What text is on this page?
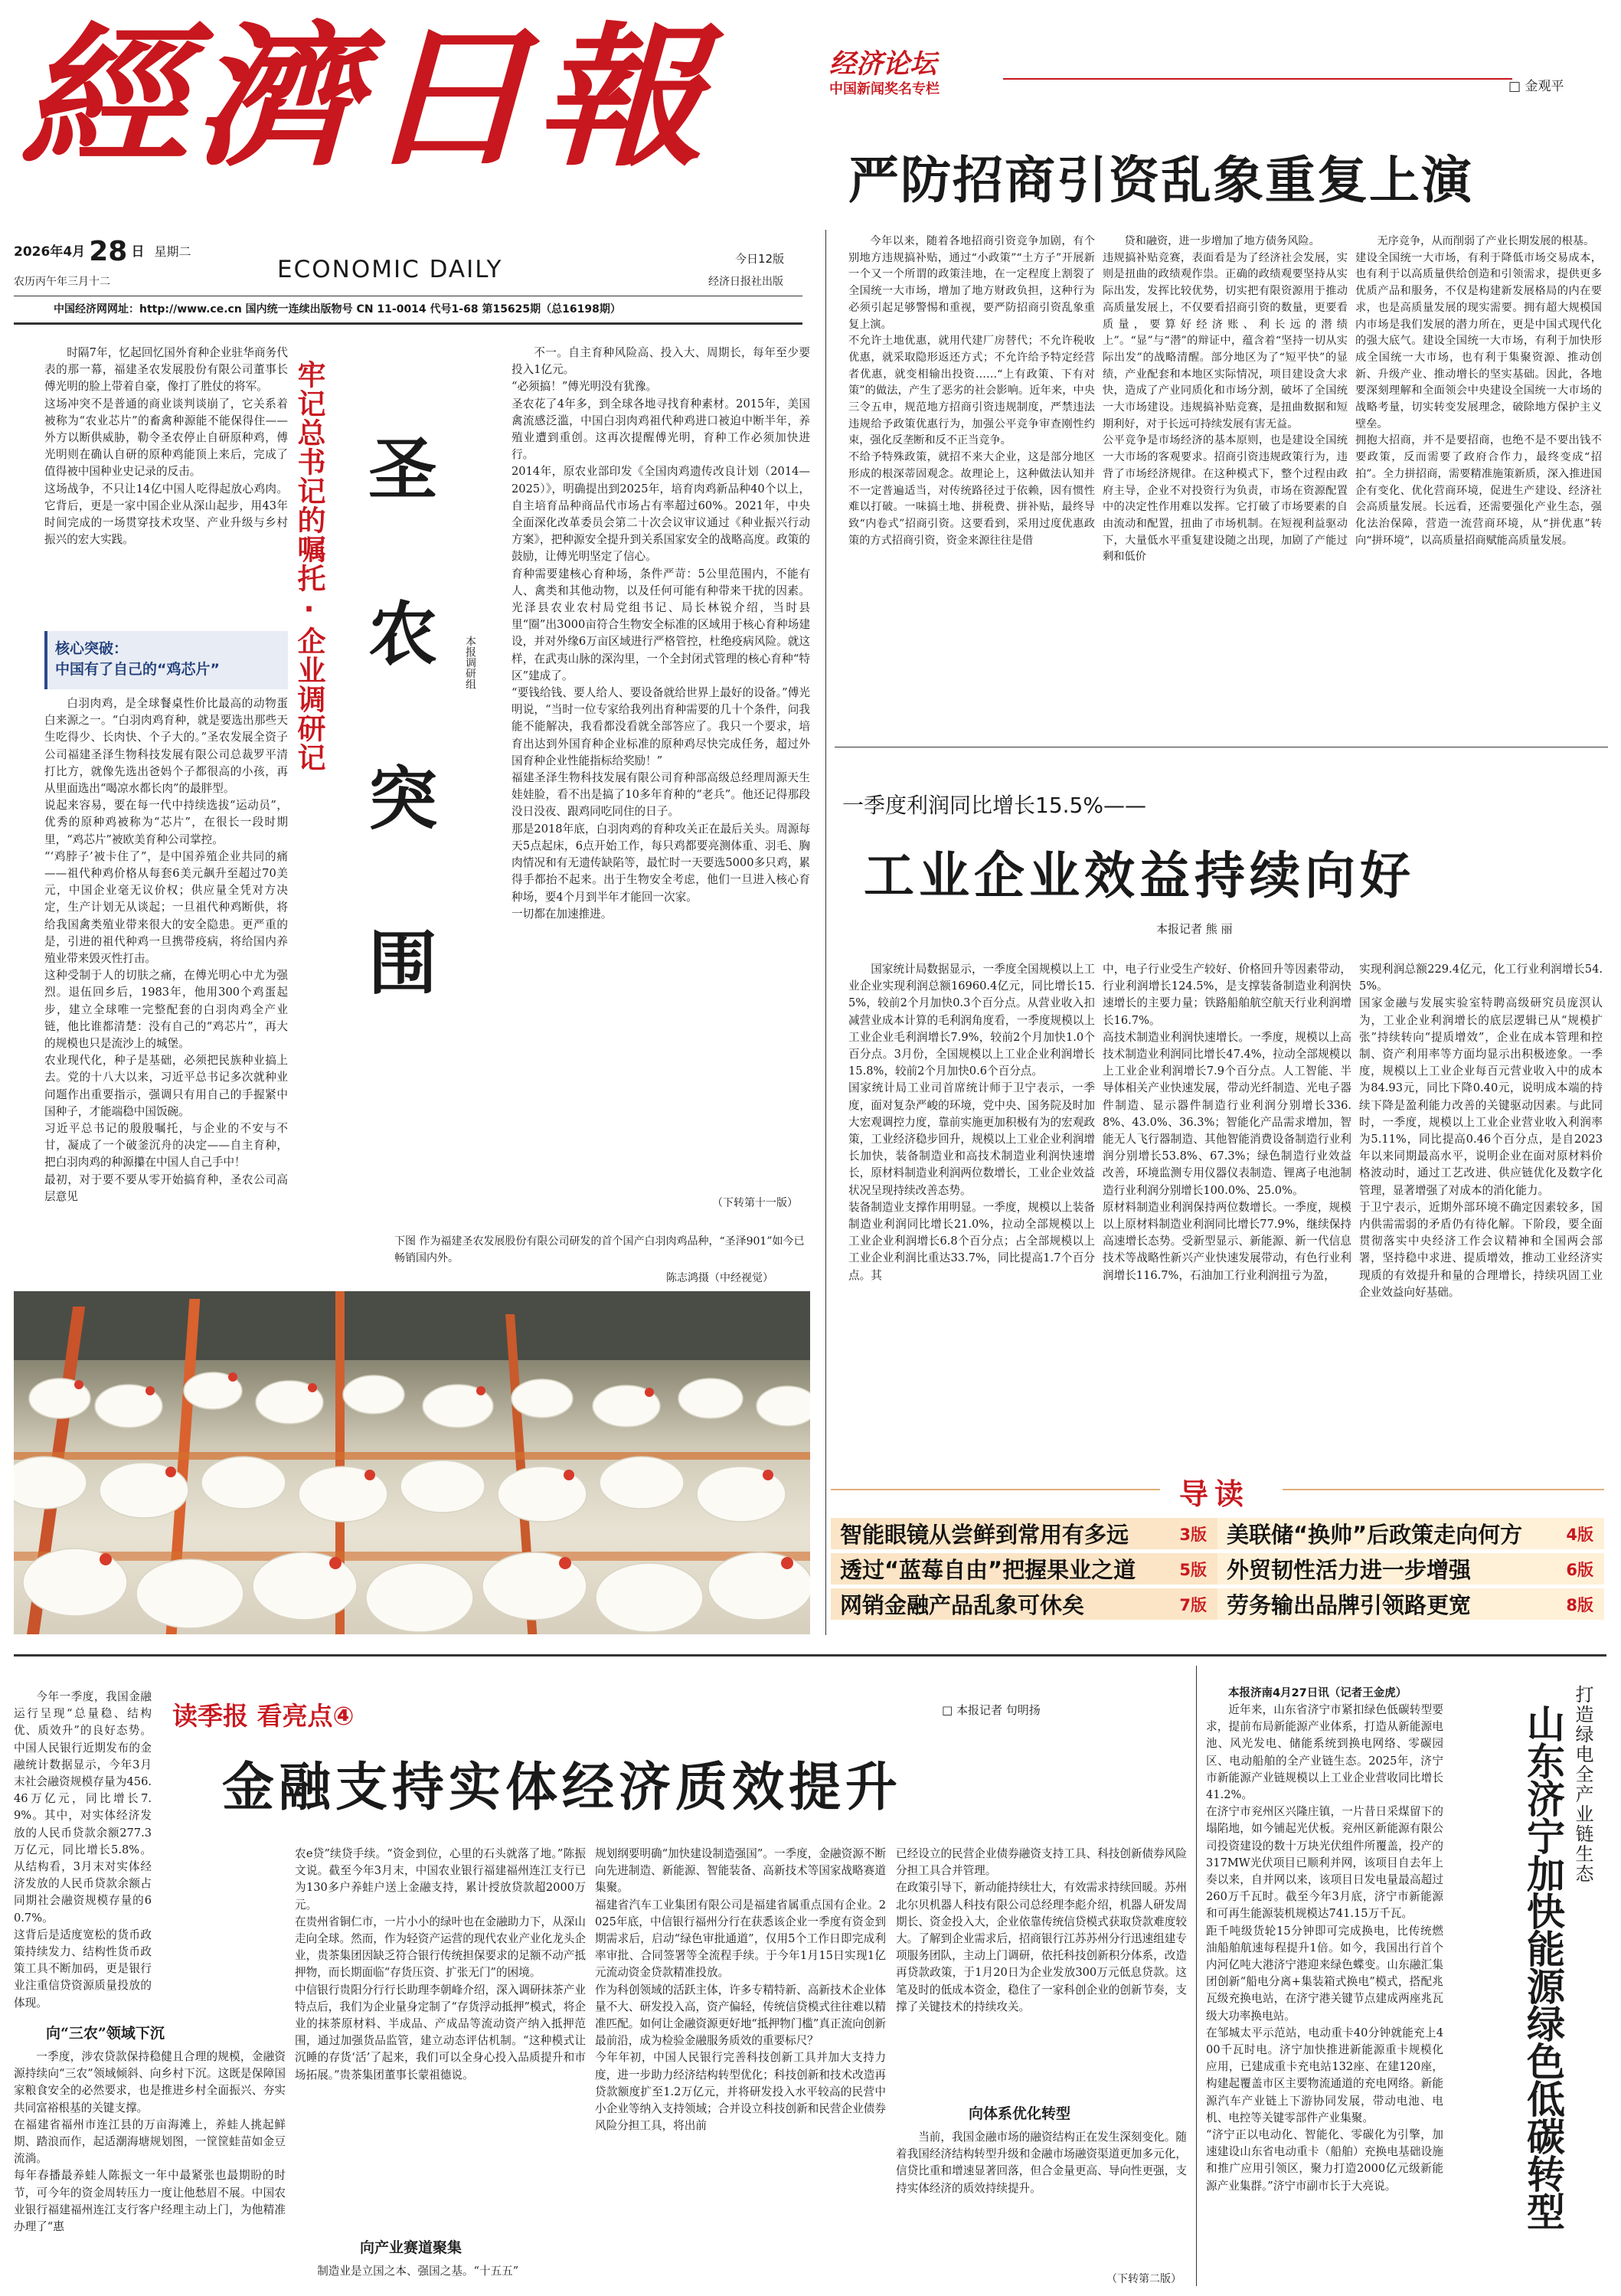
經濟日報
2026年4月 28 日 星期二
农历丙午年三月十二	ECONOMIC DAILY	今日12版
经济日报社出版
中国经济网网址：http://www.ce.cn 国内统一连续出版物号 CN 11-0014 代号1-68 第15625期（总16198期）
经济论坛
中国新闻奖名专栏	□ 金观平
严防招商引资乱象重复上演

今年以来，随着各地招商引资竞争加剧，有个别地方违规搞补贴，通过“小政策”“土方子”开展新一个又一个所谓的政策洼地，在一定程度上割裂了全国统一大市场，增加了地方财政负担，这种行为必须引起足够警惕和重视，要严防招商引资乱象重复上演。
不允许土地优惠，就用代建厂房替代；不允许税收优惠，就采取隐形返还方式；不允许给予特定经营者优惠，就变相输出投资……“上有政策、下有对策”的做法，产生了恶劣的社会影响。近年来，中央三令五申，规范地方招商引资违规制度，严禁违法违规给予政策优惠行为，加强公平竞争审查刚性约束，强化反垄断和反不正当竞争。
不给予特殊政策，就招不来大企业，这是部分地区形成的根深蒂固观念。故理论上，这种做法认知并不一定普遍适当，对传统路径过于依赖，因有惯性难以打破。一味搞土地、拼税费、拼补贴，最终导致“内卷式”招商引资。这要看到，采用过度优惠政策的方式招商引资，资金来源往往是借

贷和融资，进一步增加了地方债务风险。
违规搞补贴竞赛，表面看是为了经济社会发展，实则是扭曲的政绩观作祟。正确的政绩观要坚持从实际出发，发挥比较优势，切实把有限资源用于推动高质量发展上，不仅要看招商引资的数量，更要看质量，要算好经济账、利长远的潜绩上”。“显”与“潜”的辩证中，蕴含着“坚持一切从实际出发”的战略清醒。部分地区为了“短平快”的显绩，产业配套和本地区实际情况，项目建设贪大求快，造成了产业同质化和市场分割，破坏了全国统一大市场建设。违规搞补贴竞赛，是扭曲数据和短期利好，对于长远可持续发展有害无益。
公平竞争是市场经济的基本原则，也是建设全国统一大市场的客观要求。招商引资违规政策行为，违背了市场经济规律。在这种模式下，整个过程由政府主导，企业不对投资行为负责，市场在资源配置中的决定性作用难以发挥。它打破了市场要素的自由流动和配置，扭曲了市场机制。在短视利益驱动下，大量低水平重复建设随之出现，加剧了产能过剩和低价

无序竞争，从而削弱了产业长期发展的根基。
建设全国统一大市场，有利于降低市场交易成本，也有利于以高质量供给创造和引领需求，提供更多优质产品和服务，不仅是构建新发展格局的内在要求，也是高质量发展的现实需要。拥有超大规模国内市场是我们发展的潜力所在，更是中国式现代化的强大底气。建设全国统一大市场，有利于加快形成全国统一大市场，也有利于集聚资源、推动创新、升级产业、推动增长的坚实基础。因此，各地要深刻理解和全面领会中央建设全国统一大市场的战略考量，切实转变发展理念，破除地方保护主义壁垒。
拥抱大招商，并不是要招商，也绝不是不要出钱不要政策，反而需要了政府合作力，最终变成“招拍”。全力拼招商，需要精准施策新质，深入推进国企有变化、优化营商环境，促进生产建设、经济社会高质量发展。长远看，还需要强化产业生态，强化法治保障，营造一流营商环境，从“拼优惠”转向“拼环境”，以高质量招商赋能高质量发展。

时隔7年，忆起回忆国外育种企业驻华商务代表的那一幕，福建圣农发展股份有限公司董事长傅光明的脸上带着自豪，像打了胜仗的将军。
这场冲突不是普通的商业谈判谈崩了，它关系着被称为“农业芯片”的畜禽种源能不能保得住——外方以断供威胁，勒令圣农停止自研原种鸡，傅光明则在确认自研的原种鸡能顶上来后，完成了值得被中国种业史记录的反击。
这场战争，不只让14亿中国人吃得起放心鸡肉。它背后，更是一家中国企业从深山起步，用43年时间完成的一场贯穿技术攻坚、产业升级与乡村振兴的宏大实践。

核心突破：
中国有了自己的“鸡芯片”

白羽肉鸡，是全球餐桌性价比最高的动物蛋白来源之一。“白羽肉鸡育种，就是要选出那些天生吃得少、长肉快、个子大的。”圣农发展全资子公司福建圣泽生物科技发展有限公司总裁罗平清打比方，就像先选出爸妈个子都很高的小孩，再从里面选出“喝凉水都长肉”的最胖型。
说起来容易，要在每一代中持续选拔“运动员”，优秀的原种鸡被称为“芯片”，在很长一段时期里，“鸡芯片”被欧美育种公司掌控。
“‘鸡脖子’被卡住了”，是中国养殖企业共同的痛——祖代种鸡价格从每套6美元飙升至超过70美元，中国企业毫无议价权；供应量全凭对方决定，生产计划无从谈起；一旦祖代种鸡断供，将给我国禽类殖业带来很大的安全隐患。更严重的是，引进的祖代种鸡一旦携带疫病，将给国内养殖业带来毁灭性打击。
这种受制于人的切肤之痛，在傅光明心中尤为强烈。退伍回乡后，1983年，他用300个鸡蛋起步，建立全球唯一完整配套的白羽肉鸡全产业链，他比谁都清楚：没有自己的“鸡芯片”，再大的规模也只是流沙上的城堡。
农业现代化，种子是基础，必须把民族种业搞上去。党的十八大以来，习近平总书记多次就种业问题作出重要指示，强调只有用自己的手握紧中国种子，才能端稳中国饭碗。
习近平总书记的殷殷嘱托，与企业的不安与不甘，凝成了一个破釜沉舟的决定——自主育种，把白羽肉鸡的种源攥在中国人自己手中！
最初，对于要不要从零开始搞育种，圣农公司高层意见

牢记总书记的嘱托·企业调研记 圣 农 突 围	本报调研组

不一。自主育种风险高、投入大、周期长，每年至少要投入1亿元。
“必须搞！”傅光明没有犹豫。
圣农花了4年多，到全球各地寻找育种素材。2015年，美国禽流感泛滥，中国白羽肉鸡祖代种鸡进口被迫中断半年，养殖业遭到重创。这再次提醒傅光明，育种工作必须加快进行。
2014年，原农业部印发《全国肉鸡遗传改良计划（2014—2025）》，明确提出到2025年，培育肉鸡新品种40个以上，自主培育品种商品代市场占有率超过60%。2021年，中央全面深化改革委员会第二十次会议审议通过《种业振兴行动方案》，把种源安全提升到关系国家安全的战略高度。政策的鼓励，让傅光明坚定了信心。
育种需要建核心育种场，条件严苛：5公里范围内，不能有人、禽类和其他动物，以及任何可能有种带来干扰的因素。光泽县农业农村局党组书记、局长林锐介绍，当时县里“圈”出3000亩符合生物安全标准的区域用于核心育种场建设，并对外缘6万亩区域进行严格管控，杜绝疫病风险。就这样，在武夷山脉的深沟里，一个全封闭式管理的核心育种“特区”建成了。
“要钱给钱、要人给人、要设备就给世界上最好的设备。”傅光明说，“当时一位专家给我列出育种需要的几十个条件，问我能不能解决，我看都没看就全部答应了。我只一个要求，培育出达到外国育种企业标准的原种鸡尽快完成任务，超过外国育种企业性能指标给奖励！”
福建圣泽生物科技发展有限公司育种部高级总经理周源天生娃娃脸，看不出是搞了10多年育种的“老兵”。他还记得那段没日没夜、跟鸡同吃同住的日子。
那是2018年底，白羽肉鸡的育种攻关正在最后关头。周源每天5点起床，6点开始工作，每只鸡都要亮测体重、羽毛、胸肉情况和有无遗传缺陷等，最忙时一天要选5000多只鸡，累得手都抬不起来。出于生物安全考虑，他们一旦进入核心育种场，要4个月到半年才能回一次家。
一切都在加速推进。

（下转第十一版）
下图 作为福建圣农发展股份有限公司研发的首个国产白羽肉鸡品种，“圣泽901”如今已畅销国内外。
陈志鸿摄（中经视觉）
一季度利润同比增长15.5%——
工业企业效益持续向好
本报记者 熊 丽

国家统计局数据显示，一季度全国规模以上工业企业实现利润总额16960.4亿元，同比增长15.5%，较前2个月加快0.3个百分点。从营业收入扣减营业成本计算的毛利润角度看，一季度规模以上工业企业毛利润增长7.9%，较前2个月加快1.0个百分点。3月份，全国规模以上工业企业利润增长15.8%，较前2个月加快0.6个百分点。
国家统计局工业司首席统计师于卫宁表示，一季度，面对复杂严峻的环境，党中央、国务院及时加大宏观调控力度，靠前实施更加积极有为的宏观政策，工业经济稳步回升，规模以上工业企业利润增长加快，装备制造业和高技术制造业利润快速增长，原材料制造业利润两位数增长，工业企业效益状况呈现持续改善态势。
装备制造业支撑作用明显。一季度，规模以上装备制造业利润同比增长21.0%，拉动全部规模以上工业企业利润增长6.8个百分点；占全部规模以上工业企业利润比重达33.7%，同比提高1.7个百分点。其

中，电子行业受生产较好、价格回升等因素带动，行业利润增长124.5%，是支撑装备制造业利润快速增长的主要力量；铁路船舶航空航天行业利润增长16.7%。
高技术制造业利润快速增长。一季度，规模以上高技术制造业利润同比增长47.4%，拉动全部规模以上工业企业利润增长7.9个百分点。人工智能、半导体相关产业快速发展，带动光纤制造、光电子器件制造、显示器件制造行业利润分别增长336.8%、43.0%、36.3%；智能化产品需求增加，智能无人飞行器制造、其他智能消费设备制造行业利润分别增长53.8%、67.3%；绿色制造行业效益改善，环境监测专用仪器仪表制造、锂离子电池制造行业利润分别增长100.0%、25.0%。
原材料制造业利润保持两位数增长。一季度，规模以上原材料制造业利润同比增长77.9%，继续保持高速增长态势。受新型显示、新能源、新一代信息技术等战略性新兴产业快速发展带动，有色行业利润增长116.7%，石油加工行业利润扭亏为盈，

实现利润总额229.4亿元，化工行业利润增长54.5%。
国家金融与发展实验室特聘高级研究员庞溟认为，工业企业利润增长的底层逻辑已从“规模扩张”持续转向“提质增效”，企业在成本管理和控制、资产利用率等方面均显示出积极迹象。一季度，规模以上工业企业每百元营业收入中的成本为84.93元，同比下降0.40元，说明成本端的持续下降是盈利能力改善的关键驱动因素。与此同时，一季度，规模以上工业企业营业收入利润率为5.11%，同比提高0.46个百分点，是自2023年以来同期最高水平，说明企业在面对原材料价格波动时，通过工艺改进、供应链优化及数字化管理，显著增强了对成本的消化能力。
于卫宁表示，近期外部环境不确定因素较多，国内供需需弱的矛盾仍有待化解。下阶段，要全面贯彻落实中央经济工作会议精神和全国两会部署，坚持稳中求进、提质增效，推动工业经济实现质的有效提升和量的合理增长，持续巩固工业企业效益向好基础。

导读
智能眼镜从尝鲜到常用有多远	3版 美联储“换帅”后政策走向何方	4版
透过“蓝莓自由”把握果业之道	5版 外贸韧性活力进一步增强	6版
网销金融产品乱象可休矣	7版 劳务输出品牌引领路更宽	8版

今年一季度，我国金融运行呈现“总量稳、结构优、质效升”的良好态势。中国人民银行近期发布的金融统计数据显示，今年3月末社会融资规模存量为456.46万亿元，同比增长7.9%。其中，对实体经济发放的人民币贷款余额277.3万亿元，同比增长5.8%。从结构看，3月末对实体经济发放的人民币贷款余额占同期社会融资规模存量的60.7%。
这背后是适度宽松的货币政策持续发力、结构性货币政策工具不断加码，更是银行业注重信贷资源质量投放的体现。

读季报 看亮点④	□ 本报记者 句明扬
金融支持实体经济质效提升
向“三农”领域下沉

一季度，涉农贷款保持稳健且合理的规模，金融资源持续向“三农”领域倾斜、向乡村下沉。这既是保障国家粮食安全的必然要求，也是推进乡村全面振兴、夯实共同富裕根基的关键支撑。
在福建省福州市连江县的万亩海滩上，养蛙人挑起鲜期、踏浪而作，起适潮海塘规划图，一筐筐蛙苗如金豆流淌。
每年春播最养蛙人陈振文一年中最紧张也最期盼的时节，可今年的资金周转压力一度让他愁眉不展。中国农业银行福建福州连江支行客户经理主动上门，为他精准办理了“惠

农e贷”续贷手续。“资金到位，心里的石头就落了地。”陈振文说。截至今年3月末，中国农业银行福建福州连江支行已为130多户养蛙户送上金融支持，累计授放贷款超2000万元。
在贵州省铜仁市，一片小小的绿叶也在金融助力下，从深山走向全球。然而，作为轻资产运营的现代农业产业化龙头企业，贵茶集团因缺乏符合银行传统担保要求的足额不动产抵押物，而长期面临“存货压资、扩张无门”的困境。
中信银行贵阳分行行长助理李朝峰介绍，深入调研抹茶产业特点后，我们为企业量身定制了“存货浮动抵押”模式，将企业的抹茶原材料、半成品、产成品等流动资产纳入抵押范围，通过加强货品监管，建立动态评估机制。“这种模式让沉睡的存货‘活’了起来，我们可以全身心投入品质提升和市场拓展。”贵茶集团董事长蒙祖德说。

向产业赛道聚集

制造业是立国之本、强国之基。“十五五”

规划纲要明确“加快建设制造强国”。一季度，金融资源不断向先进制造、新能源、智能装备、高新技术等国家战略赛道集聚。
福建省汽车工业集团有限公司是福建省属重点国有企业。2025年底，中信银行福州分行在获悉该企业一季度有资金到期需求后，启动“绿色审批通道”，仅用5个工作日即完成利率审批、合同签署等全流程手续。于今年1月15日实现1亿元流动资金贷款精准投放。
作为科创领域的活跃主体，许多专精特新、高新技术企业体量不大、研发投入高，资产偏轻，传统信贷模式往往难以精准匹配。如何让金融资源更好地“抵押物门槛”真正流向创新最前沿，成为检验金融服务质效的重要标尺？
今年年初，中国人民银行完善科技创新工具并加大支持力度，进一步助力经济结构转型优化；科技创新和技术改造再贷款额度扩至1.2万亿元，并将研发投入水平较高的民营中小企业等纳入支持领域；合并设立科技创新和民营企业债券风险分担工具，将出前

已经设立的民营企业债券融资支持工具、科技创新债券风险分担工具合并管理。
在政策引导下，新动能持续壮大，有效需求持续回暖。苏州北尔贝机器人科技有限公司总经理李彪介绍，机器人研发周期长、资金投入大，企业依靠传统信贷模式获取贷款难度较大。了解到企业需求后，招商银行江苏苏州分行迅速组建专项服务团队，主动上门调研，依托科技创新积分体系，改造再贷款政策，于1月20日为企业发放300万元低息贷款。这笔及时的低成本资金，稳住了一家科创企业的创新节奏，支撑了关键技术的持续攻关。

向体系优化转型

当前，我国金融市场的融资结构正在发生深刻变化。随着我国经济结构转型升级和金融市场融资渠道更加多元化，信贷比重和增速显著回落，但合金量更高、导向性更强，支持实体经济的质效持续提升。

（下转第二版）

本报济南4月27日讯（记者王金虎）

近年来，山东省济宁市紧扣绿色低碳转型要求，提前布局新能源产业体系，打造从新能源电池、风光发电、储能系统到换电网络、零碳园区、电动船舶的全产业链生态。2025年，济宁市新能源产业链规模以上工业企业营收同比增长41.2%。
在济宁市兖州区兴隆庄镇，一片昔日采煤留下的塌陷地，如今铺起光伏板。兖州区新能源有限公司投资建设的数十万块光伏组件所覆盖，投产的317MW光伏项目已顺利并网，该项目自去年上奏以来，自并网以来，该项目日发电量最高超过260万千瓦时。截至今年3月底，济宁市新能源和可再生能源装机规模达741.15万千瓦。
距千吨级货轮15分钟即可完成换电，比传统燃油船舶航速每程提升1倍。如今，我国出行首个内河亿吨大港济宁港迎来绿色蝶变。山东融汇集团创新“船电分离+集装箱式换电”模式，搭配兆瓦级充换电站，在济宁港关键节点建成两座兆瓦级大功率换电站。
在邹城太平示范站，电动重卡40分钟就能充上400千瓦时电。济宁加快推进新能源重卡规模化应用，已建成重卡充电站132座、在建120座，构建起覆盖市区主要物流通道的充电网络。新能源汽车产业链上下游协同发展，带动电池、电机、电控等关键零部件产业集聚。
“济宁正以电动化、智能化、零碳化为引擎，加速建设山东省电动重卡（船舶）充换电基础设施和推广应用引领区，聚力打造2000亿元级新能源产业集群。”济宁市副市长于大亮说。

打造绿电全产业链生态
山东济宁加快能源绿色低碳转型
